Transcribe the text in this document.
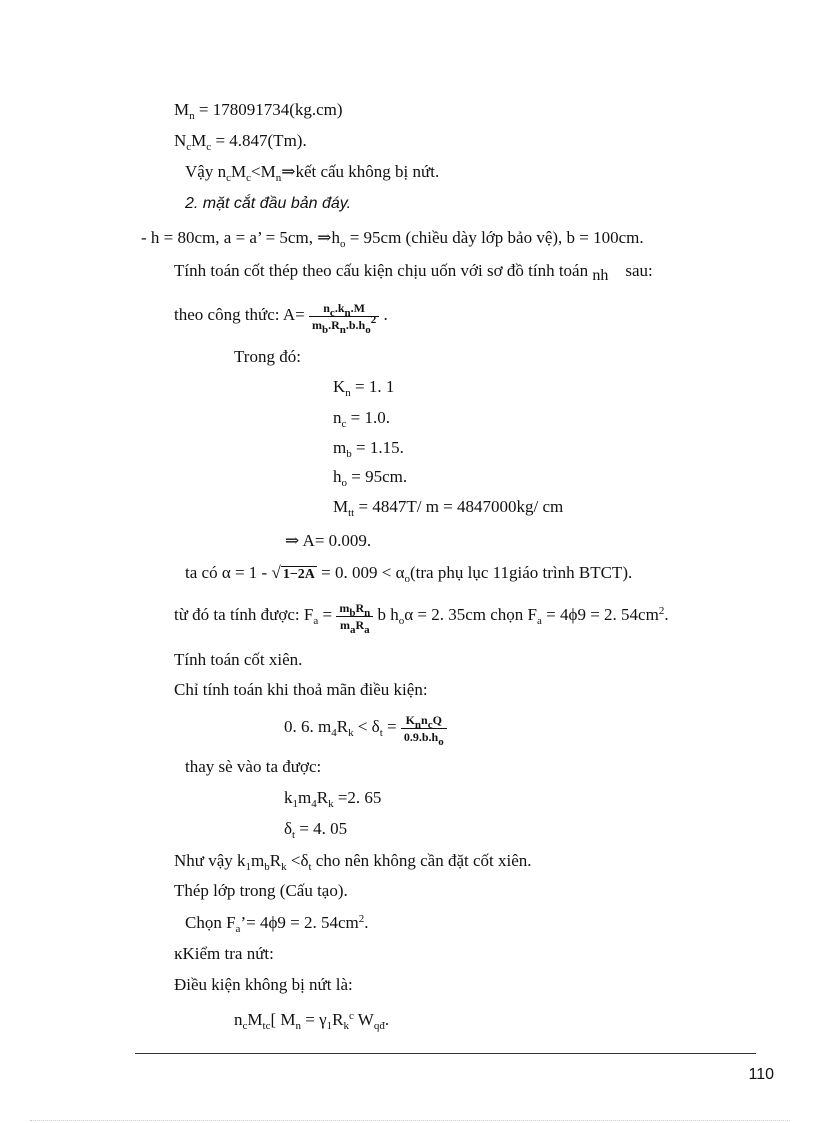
$M_n = 178091734(kg.cm)$
$N_cM_c = 4.847(Tm)$.
Vậy $n_cM_c<M_n\Rightarrow kết$ cấu không bị nứt.
2. mặt cắt đầu bản đáy.
- h = 80cm, a = a’ = 5cm, $\Rightarrow h_o = 95cm$ (chiều dày lớp bảo vệ), b = 100cm.
Tính toán cốt thép theo cấu kiện chịu uốn với sơ đồ tính toán nh sau:
theo công thức: $A= \frac{n_c.k_n.M}{m_b.R_n.b.h_o^2}$ .
Trong đó:
$K_n = 1$. 1
$n_c = 1.0$.
$m_b = 1.15$.
$h_o = 95cm$.
$M_{tt} = 4847T/$ m = 4847000kg/ cm
⇒ A= 0.009.
ta có α = 1 - √ 1−2A = 0. $009 < \alpha_o(tra$ phụ lục 11giáo trình BTCT).
từ đó ta tính được: $F_a = \frac{m_bR_n}{m_aR_a}$ b $h_o\alpha = 2$. 35cm chọn $F_a = 4\phi 9 = 2$. $54cm^2$.
Tính toán cốt xiên.
Chỉ tính toán khi thoả mãn điều kiện:
0. 6. $m_4R_k < \delta_t = \frac{K_nn_cQ}{0.9.b.h_o}$
thay sè vào ta được:
$k_1m_4R_k =2$. 65
$\delta_t = 4$. 05
Như vậy $k_1m_bR_k <\delta_t$ cho nên không cần đặt cốt xiên.
Thép lớp trong (Cấu tạo).
Chọn $F_a’= 4\phi 9 = 2$. $54cm^2$.
ĸKiểm tra nứt:
Điều kiện không bị nứt là:
$n_cM_{tc}$[ $M_n = \gamma_1R_k^c$ $W_{qđ}$.
110
